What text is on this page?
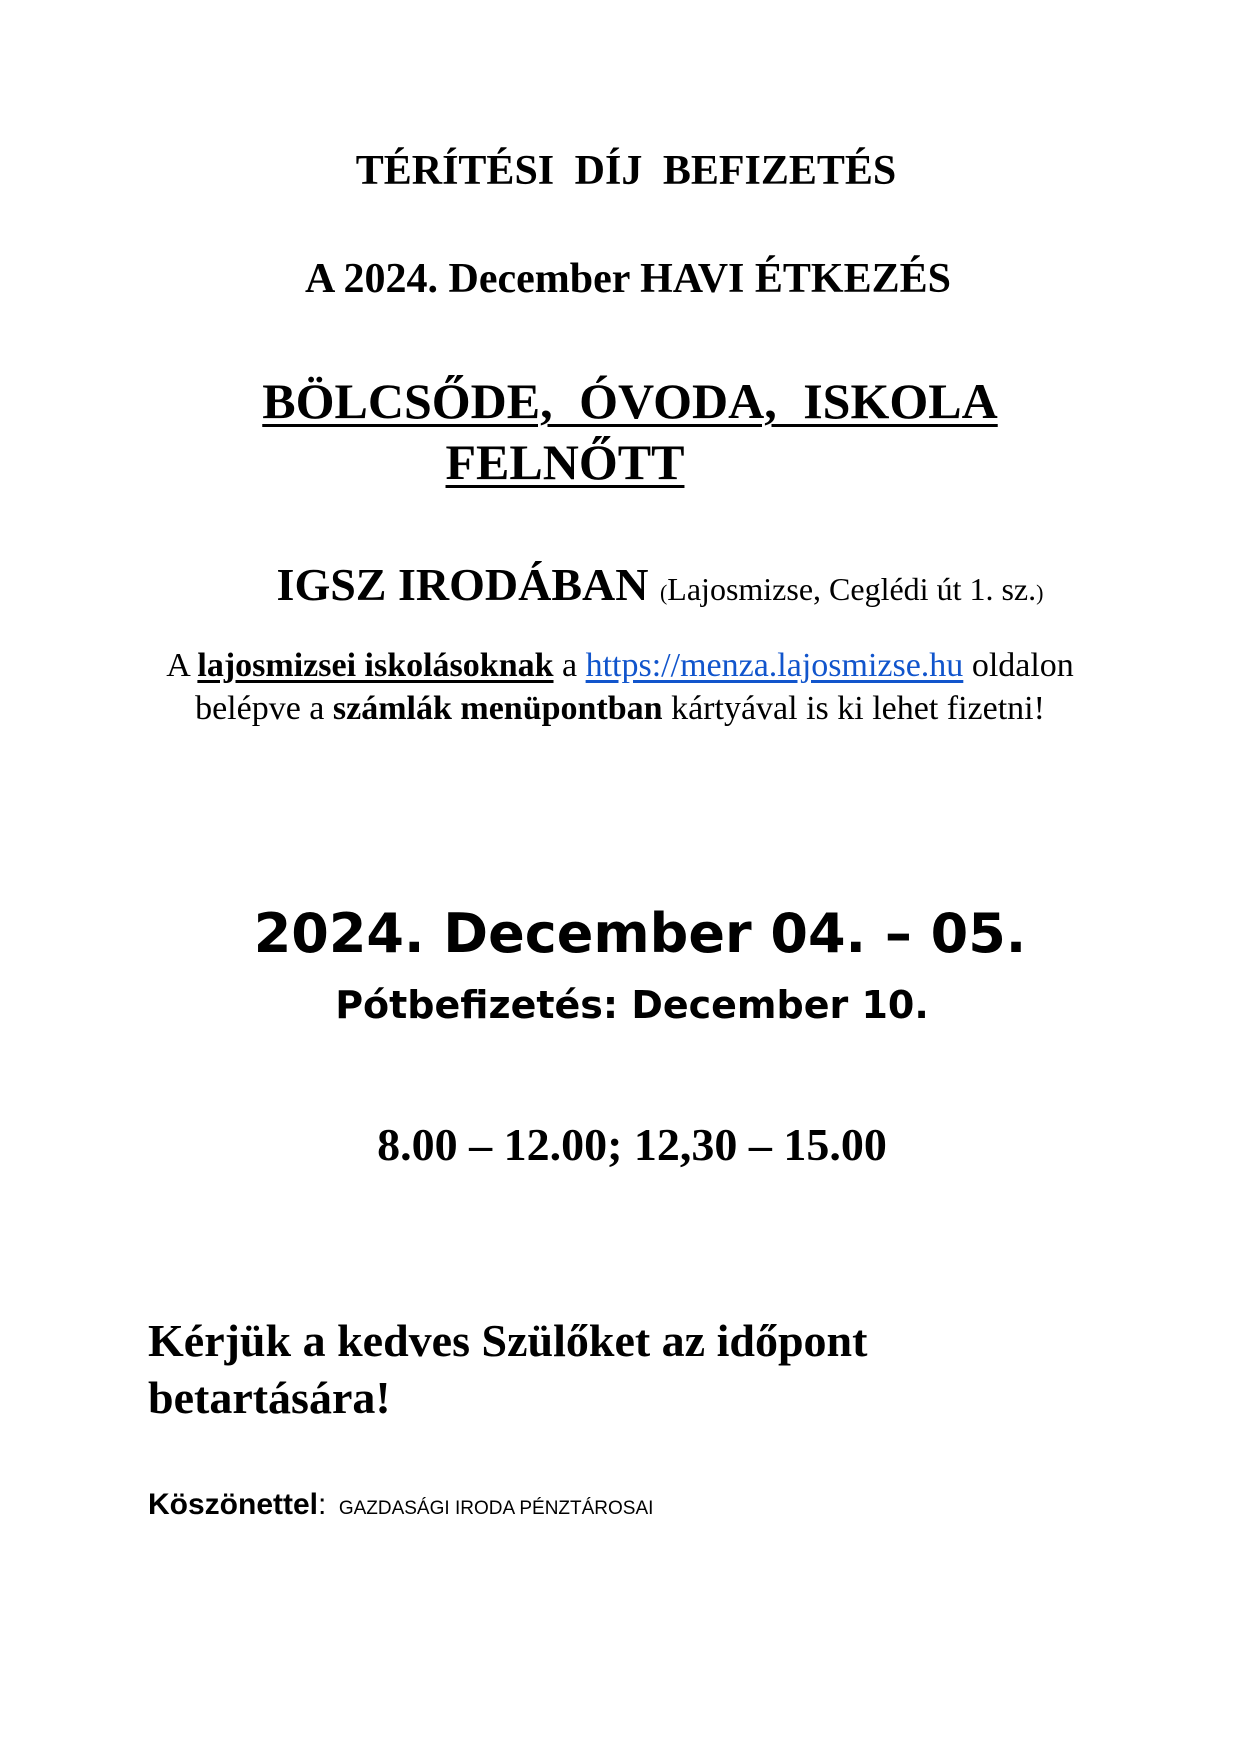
TÉRÍTÉSI DÍJ BEFIZETÉS
A 2024. December HAVI ÉTKEZÉS
BÖLCSŐDE, ÓVODA, ISKOLA
FELNŐTT
IGSZ IRODÁBAN (Lajosmizse, Ceglédi út 1. sz.)
A lajosmizsei iskolásoknak a https://menza.lajosmizse.hu oldalon belépve a számlák menüpontban kártyával is ki lehet fizetni!
2024. December 04. – 05.
Pótbefizetés: December 10.
8.00 – 12.00; 12,30 – 15.00
Kérjük a kedves Szülőket az időpont betartására!
Köszönettel: GAZDASÁGI IRODA PÉNZTÁROSAI
